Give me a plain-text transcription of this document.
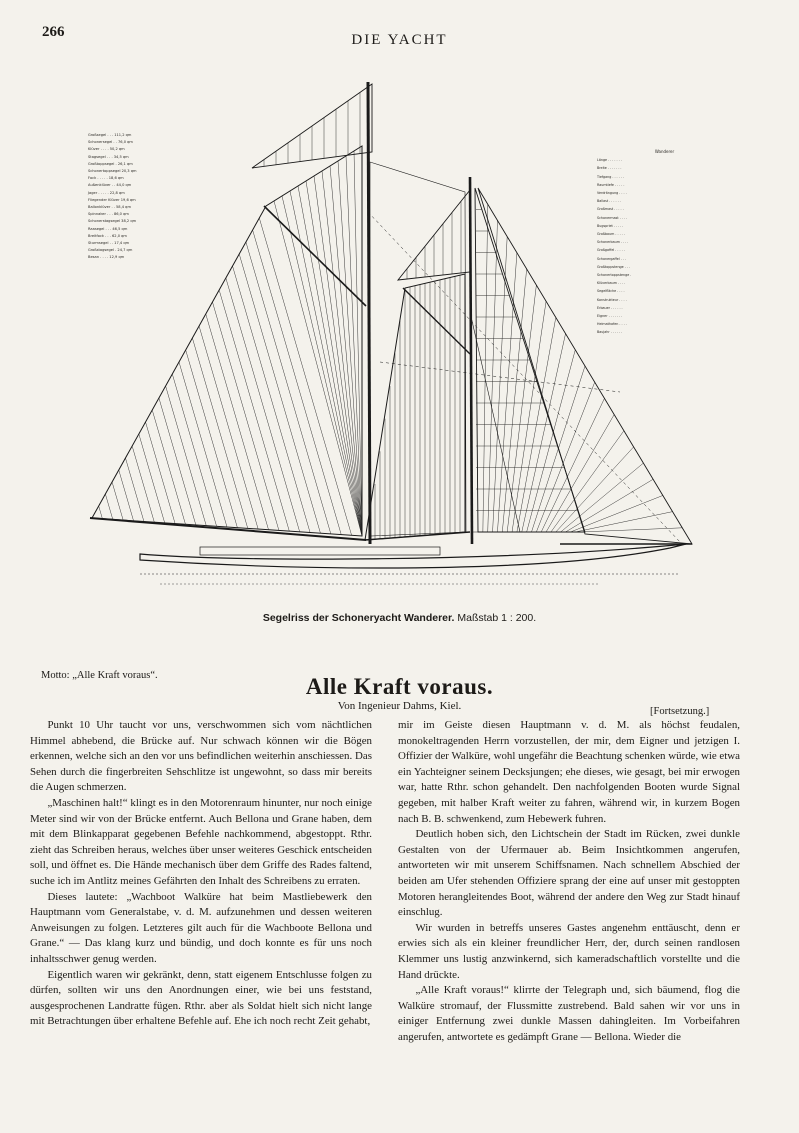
266	DIE YACHT
Großsegel . . . 111,2 qm
Schonersegel . . 76,0 qm
Klüver . . . . 50,2 qm
Stagsegel . . . 34,5 qm
Großtoppsegel . 26,1 qm
Schonertoppsegel 20,3 qm
Fock . . . . . 18,6 qm
Außenklüver . . 44,0 qm
Jager . . . . . 22,8 qm
Fliegender Klüver 19,6 qm
Ballonklüver . . 58,4 qm
Spinnaker . . . 86,0 qm
Schonerstagsegel 38,2 qm
Raasegel . . . 46,5 qm
Breitfock . . . 62,0 qm
Sturmsegel . . 17,4 qm
Großstagsegel . 24,7 qm
Besan . . . . 12,9 qm
Wanderer
Länge . . . . . . .
Breite . . . . . . .
Tiefgang . . . . . .
Raumtiefe . . . . .
Verdrängung . . . .
Ballast . . . . . .
Großmast . . . . .
Schonermast . . . .
Bugspriet . . . . .
Großbaum . . . . .
Schonerbaum . . . .
Großgaffel . . . . .
Schonergaffel . . .
Großtoppstenge . . .
Schonertoppstenge .
Klüverbaum . . . .
Segelfläche . . . .
Konstrukteur . . . .
Erbauer . . . . . .
Eigner . . . . . . .
Heimathafen . . . .
Baujahr . . . . . .
Segelriss der Schoneryacht Wanderer. Maßstab 1 : 200.
Motto: „Alle Kraft voraus“.	Alle Kraft voraus.
Von Ingenieur Dahms, Kiel.	[Fortsetzung.]

Punkt 10 Uhr taucht vor uns, verschwommen sich vom nächtlichen Himmel abhebend, die Brücke auf. Nur schwach können wir die Bögen erkennen, welche sich an den vor uns befindlichen weiterhin anschiessen. Das Sehen durch die fingerbreiten Sehschlitze ist ungewohnt, so dass mir bereits die Augen schmerzen.

„Maschinen halt!“ klingt es in den Motorenraum hinunter, nur noch einige Meter sind wir von der Brücke entfernt. Auch Bellona und Grane haben, dem mit dem Blinkapparat gegebenen Befehle nachkommend, abgestoppt. Rthr. zieht das Schreiben heraus, welches über unser weiteres Geschick entscheiden soll, und öffnet es. Die Hände mechanisch über dem Griffe des Rades faltend, suche ich im Antlitz meines Gefährten den Inhalt des Schreibens zu erraten.

Dieses lautete: „Wachboot Walküre hat beim Mastliebewerk den Hauptmann vom Generalstabe, v. d. M. aufzunehmen und dessen weiteren Anweisungen zu folgen. Letzteres gilt auch für die Wachboote Bellona und Grane.“ — Das klang kurz und bündig, und doch konnte es für uns noch inhaltsschwer genug werden.

Eigentlich waren wir gekränkt, denn, statt eigenem Entschlusse folgen zu dürfen, sollten wir uns den Anordnungen einer, wie bei uns feststand, ausgesprochenen Landratte fügen. Rthr. aber als Soldat hielt sich nicht lange mit Betrachtungen über erhaltene Befehle auf. Ehe ich noch recht Zeit gehabt,

mir im Geiste diesen Hauptmann v. d. M. als höchst feudalen, monokeltragenden Herrn vorzustellen, der mir, dem Eigner und jetzigen I. Offizier der Walküre, wohl ungefähr die Beachtung schenken würde, wie etwa ein Yachteigner seinem Decksjungen; ehe dieses, wie gesagt, bei mir erwogen war, hatte Rthr. schon gehandelt. Den nachfolgenden Booten wurde Signal gegeben, mit halber Kraft weiter zu fahren, während wir, in kurzem Bogen nach B. B. schwenkend, zum Hebewerk fuhren.

Deutlich hoben sich, den Lichtschein der Stadt im Rücken, zwei dunkle Gestalten von der Ufermauer ab. Beim Insichtkommen angerufen, antworteten wir mit unserem Schiffsnamen. Nach schnellem Abschied der beiden am Ufer stehenden Offiziere sprang der eine auf unser mit gestoppten Motoren herangleitendes Boot, während der andere den Weg zur Stadt hinauf einschlug.

Wir wurden in betreffs unseres Gastes angenehm enttäuscht, denn er erwies sich als ein kleiner freundlicher Herr, der, durch seinen randlosen Klemmer uns lustig anzwinkernd, sich kameradschaftlich vorstellte und die Hand drückte.

„Alle Kraft voraus!“ klirrte der Telegraph und, sich bäumend, flog die Walküre stromauf, der Flussmitte zustrebend. Bald sahen wir vor uns in einiger Entfernung zwei dunkle Massen dahingleiten. Im Vorbeifahren angerufen, antwortete es gedämpft Grane — Bellona. Wieder die
